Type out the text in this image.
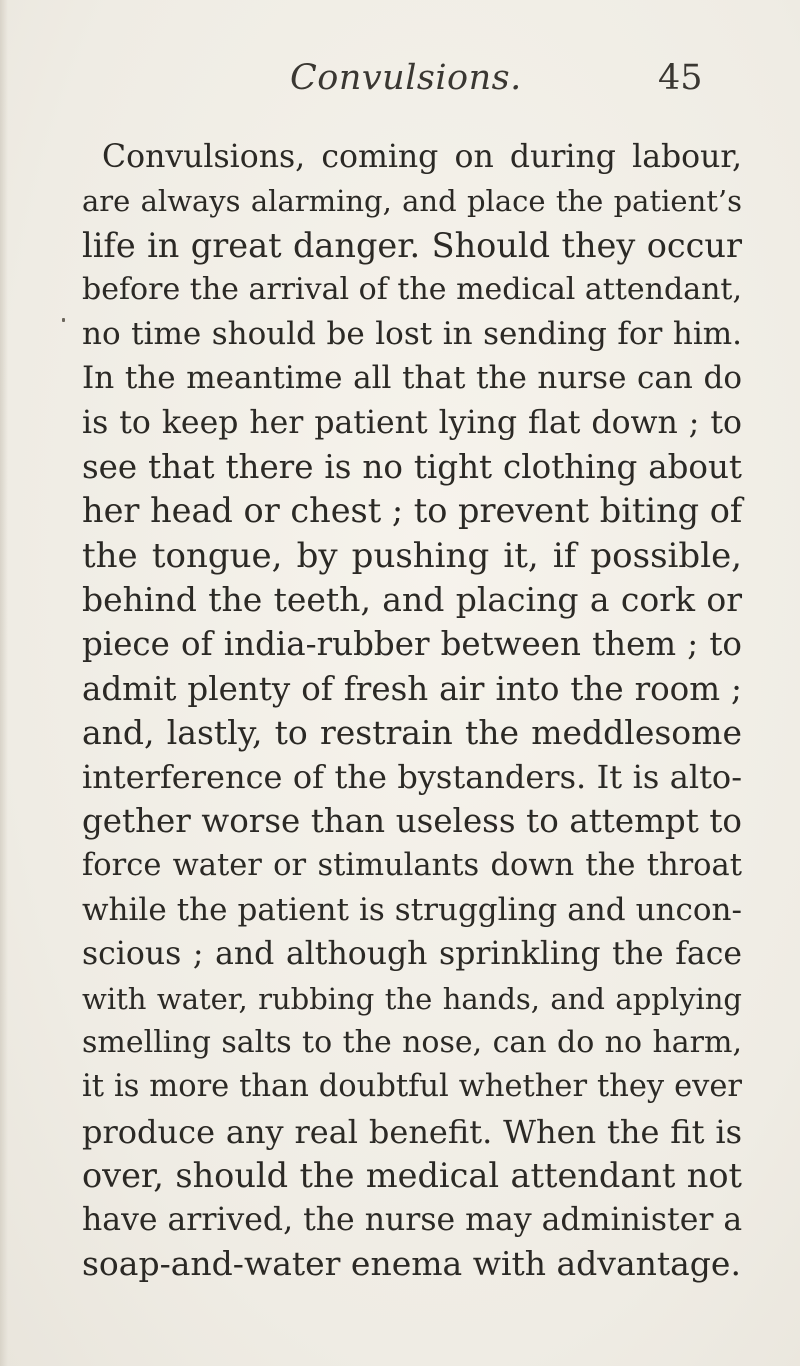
Convulsions.	45
Convulsions, coming on during labour,
are always alarming, and place the patient’s
life in great danger. Should they occur
before the arrival of the medical attendant,
no time should be lost in sending for him.
In the meantime all that the nurse can do
is to keep her patient lying flat down ; to
see that there is no tight clothing about
her head or chest ; to prevent biting of
the tongue, by pushing it, if possible,
behind the teeth, and placing a cork or
piece of india-rubber between them ; to
admit plenty of fresh air into the room ;
and, lastly, to restrain the meddlesome
interference of the bystanders. It is alto-
gether worse than useless to attempt to
force water or stimulants down the throat
while the patient is struggling and uncon-
scious ; and although sprinkling the face
with water, rubbing the hands, and applying
smelling salts to the nose, can do no harm,
it is more than doubtful whether they ever
produce any real benefit. When the fit is
over, should the medical attendant not
have arrived, the nurse may administer a
soap-and-water enema with advantage.
